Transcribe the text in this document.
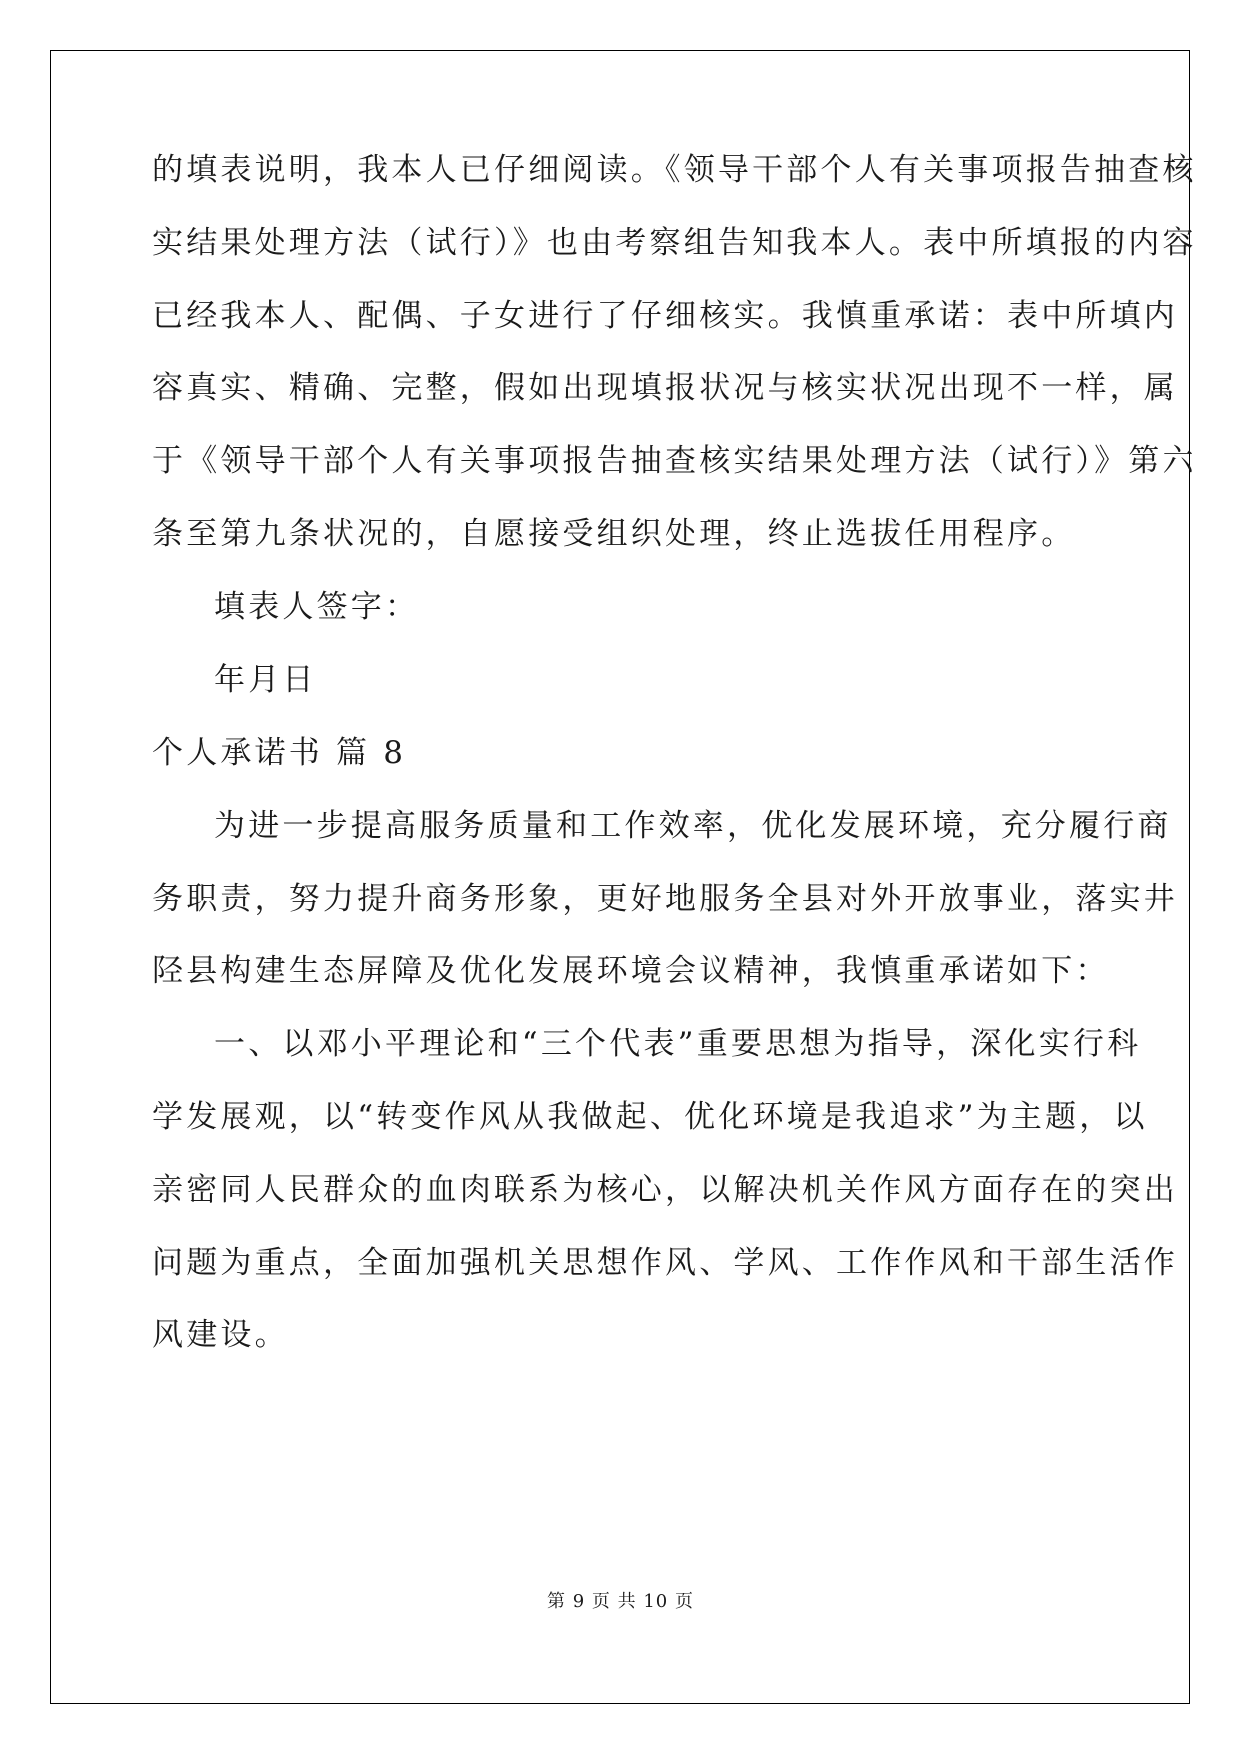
的填表说明，我本人已仔细阅读。《领导干部个人有关事项报告抽查核
实结果处理方法（试行）》也由考察组告知我本人。表中所填报的内容
已经我本人、配偶、子女进行了仔细核实。我慎重承诺：表中所填内
容真实、精确、完整，假如出现填报状况与核实状况出现不一样，属
于《领导干部个人有关事项报告抽查核实结果处理方法（试行）》第六
条至第九条状况的，自愿接受组织处理，终止选拔任用程序。
填表人签字：
年月日
个人承诺书 篇 8
为进一步提高服务质量和工作效率，优化发展环境，充分履行商
务职责，努力提升商务形象，更好地服务全县对外开放事业，落实井
陉县构建生态屏障及优化发展环境会议精神，我慎重承诺如下：
一、以邓小平理论和“三个代表”重要思想为指导，深化实行科
学发展观，以“转变作风从我做起、优化环境是我追求”为主题，以
亲密同人民群众的血肉联系为核心，以解决机关作风方面存在的突出
问题为重点，全面加强机关思想作风、学风、工作作风和干部生活作
风建设。
第 9 页 共 10 页
